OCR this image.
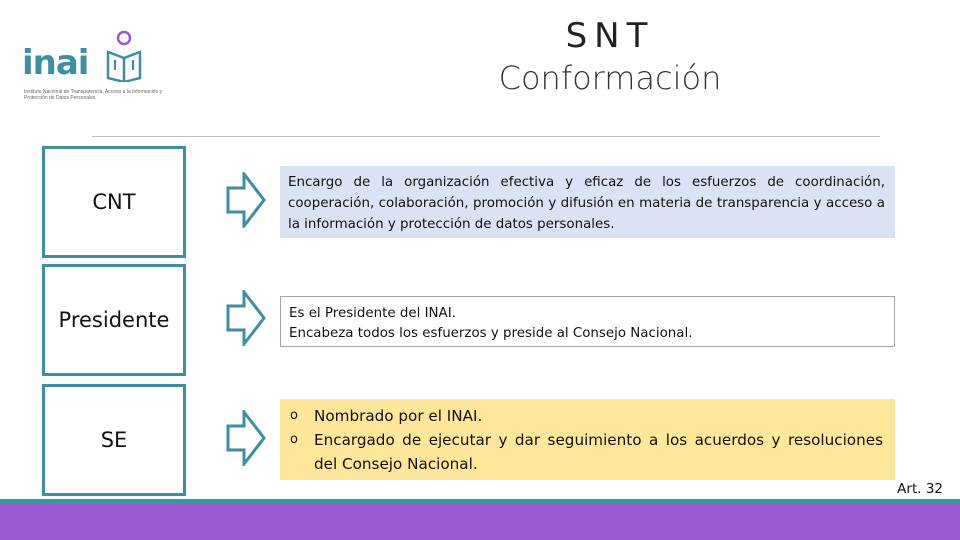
inai
Instituto Nacional de Transparencia, Acceso a la Información y Protección de Datos Personales
SNT
Conformación
CNT
Encargo de la organización efectiva y eficaz de los esfuerzos de coordinación, cooperación, colaboración, promoción y difusión en materia de transparencia y acceso a la información y protección de datos personales.
Presidente	Es el Presidente del INAI.
Encabeza todos los esfuerzos y preside al Consejo Nacional.
SE
o Nombrado por el INAI.
o Encargado de ejecutar y dar seguimiento a los acuerdos y resoluciones del Consejo Nacional.
Art. 32
